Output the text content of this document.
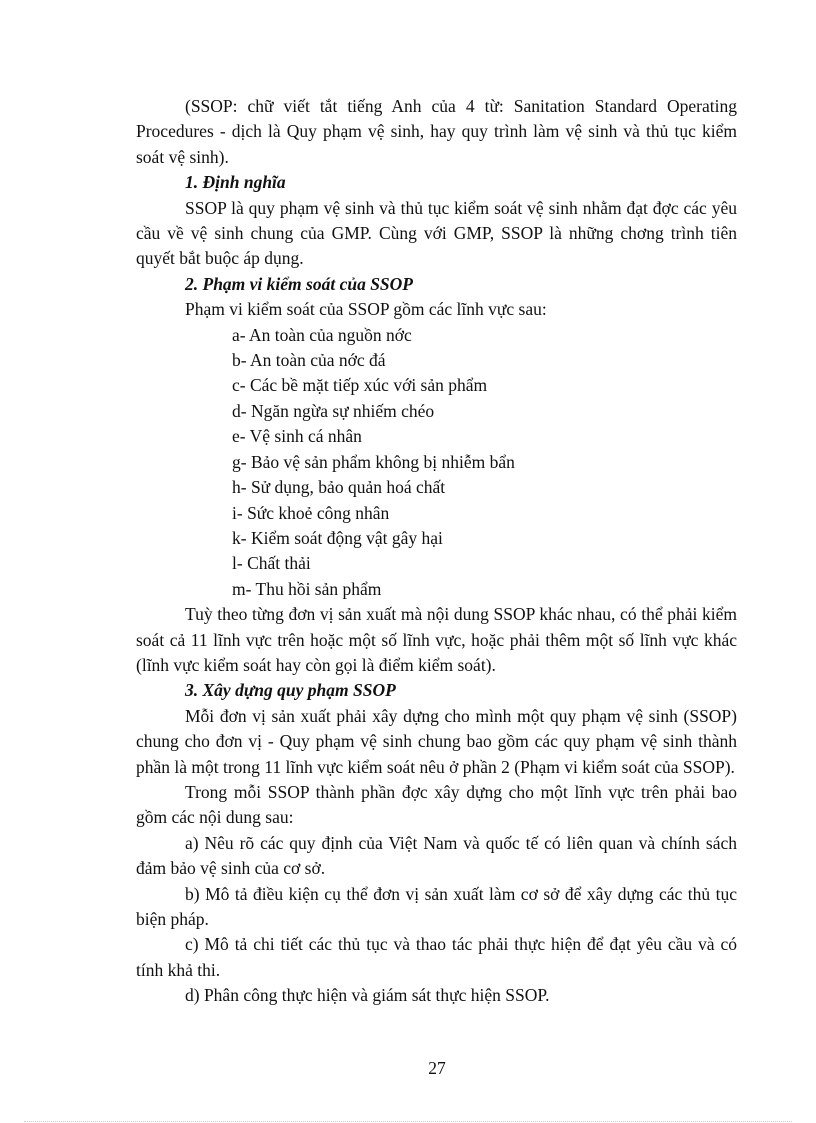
(SSOP: chữ viết tắt tiếng Anh của 4 từ: Sanitation Standard Operating Procedures - dịch là Quy phạm vệ sinh, hay quy trình làm vệ sinh và thủ tục kiểm soát vệ sinh).

1. Định nghĩa

SSOP là quy phạm vệ sinh và thủ tục kiểm soát vệ sinh nhằm đạt đợc các yêu cầu về vệ sinh chung của GMP. Cùng với GMP, SSOP là những chơng trình tiên quyết bắt buộc áp dụng.

2. Phạm vi kiểm soát của SSOP

Phạm vi kiểm soát của SSOP gồm các lĩnh vực sau:

a- An toàn của nguồn nớc
b- An toàn của nớc đá
c- Các bề mặt tiếp xúc với sản phẩm
d- Ngăn ngừa sự nhiếm chéo
e- Vệ sinh cá nhân
g- Bảo vệ sản phẩm không bị nhiễm bẩn
h- Sử dụng, bảo quản hoá chất
i- Sức khoẻ công nhân
k- Kiểm soát động vật gây hại
l- Chất thải
m- Thu hồi sản phẩm

Tuỳ theo từng đơn vị sản xuất mà nội dung SSOP khác nhau, có thể phải kiểm soát cả 11 lĩnh vực trên hoặc một số lĩnh vực, hoặc phải thêm một số lĩnh vực khác (lĩnh vực kiểm soát hay còn gọi là điểm kiểm soát).

3. Xây dựng quy phạm SSOP

Mỗi đơn vị sản xuất phải xây dựng cho mình một quy phạm vệ sinh (SSOP) chung cho đơn vị - Quy phạm vệ sinh chung bao gồm các quy phạm vệ sinh thành phần là một trong 11 lĩnh vực kiểm soát nêu ở phần 2 (Phạm vi kiểm soát của SSOP).

Trong mỗi SSOP thành phần đợc xây dựng cho một lĩnh vực trên phải bao gồm các nội dung sau:

a) Nêu rõ các quy định của Việt Nam và quốc tế có liên quan và chính sách đảm bảo vệ sinh của cơ sở.

b) Mô tả điều kiện cụ thể đơn vị sản xuất làm cơ sở để xây dựng các thủ tục biện pháp.

c) Mô tả chi tiết các thủ tục và thao tác phải thực hiện để đạt yêu cầu và có tính khả thi.

d) Phân công thực hiện và giám sát thực hiện SSOP.

27
